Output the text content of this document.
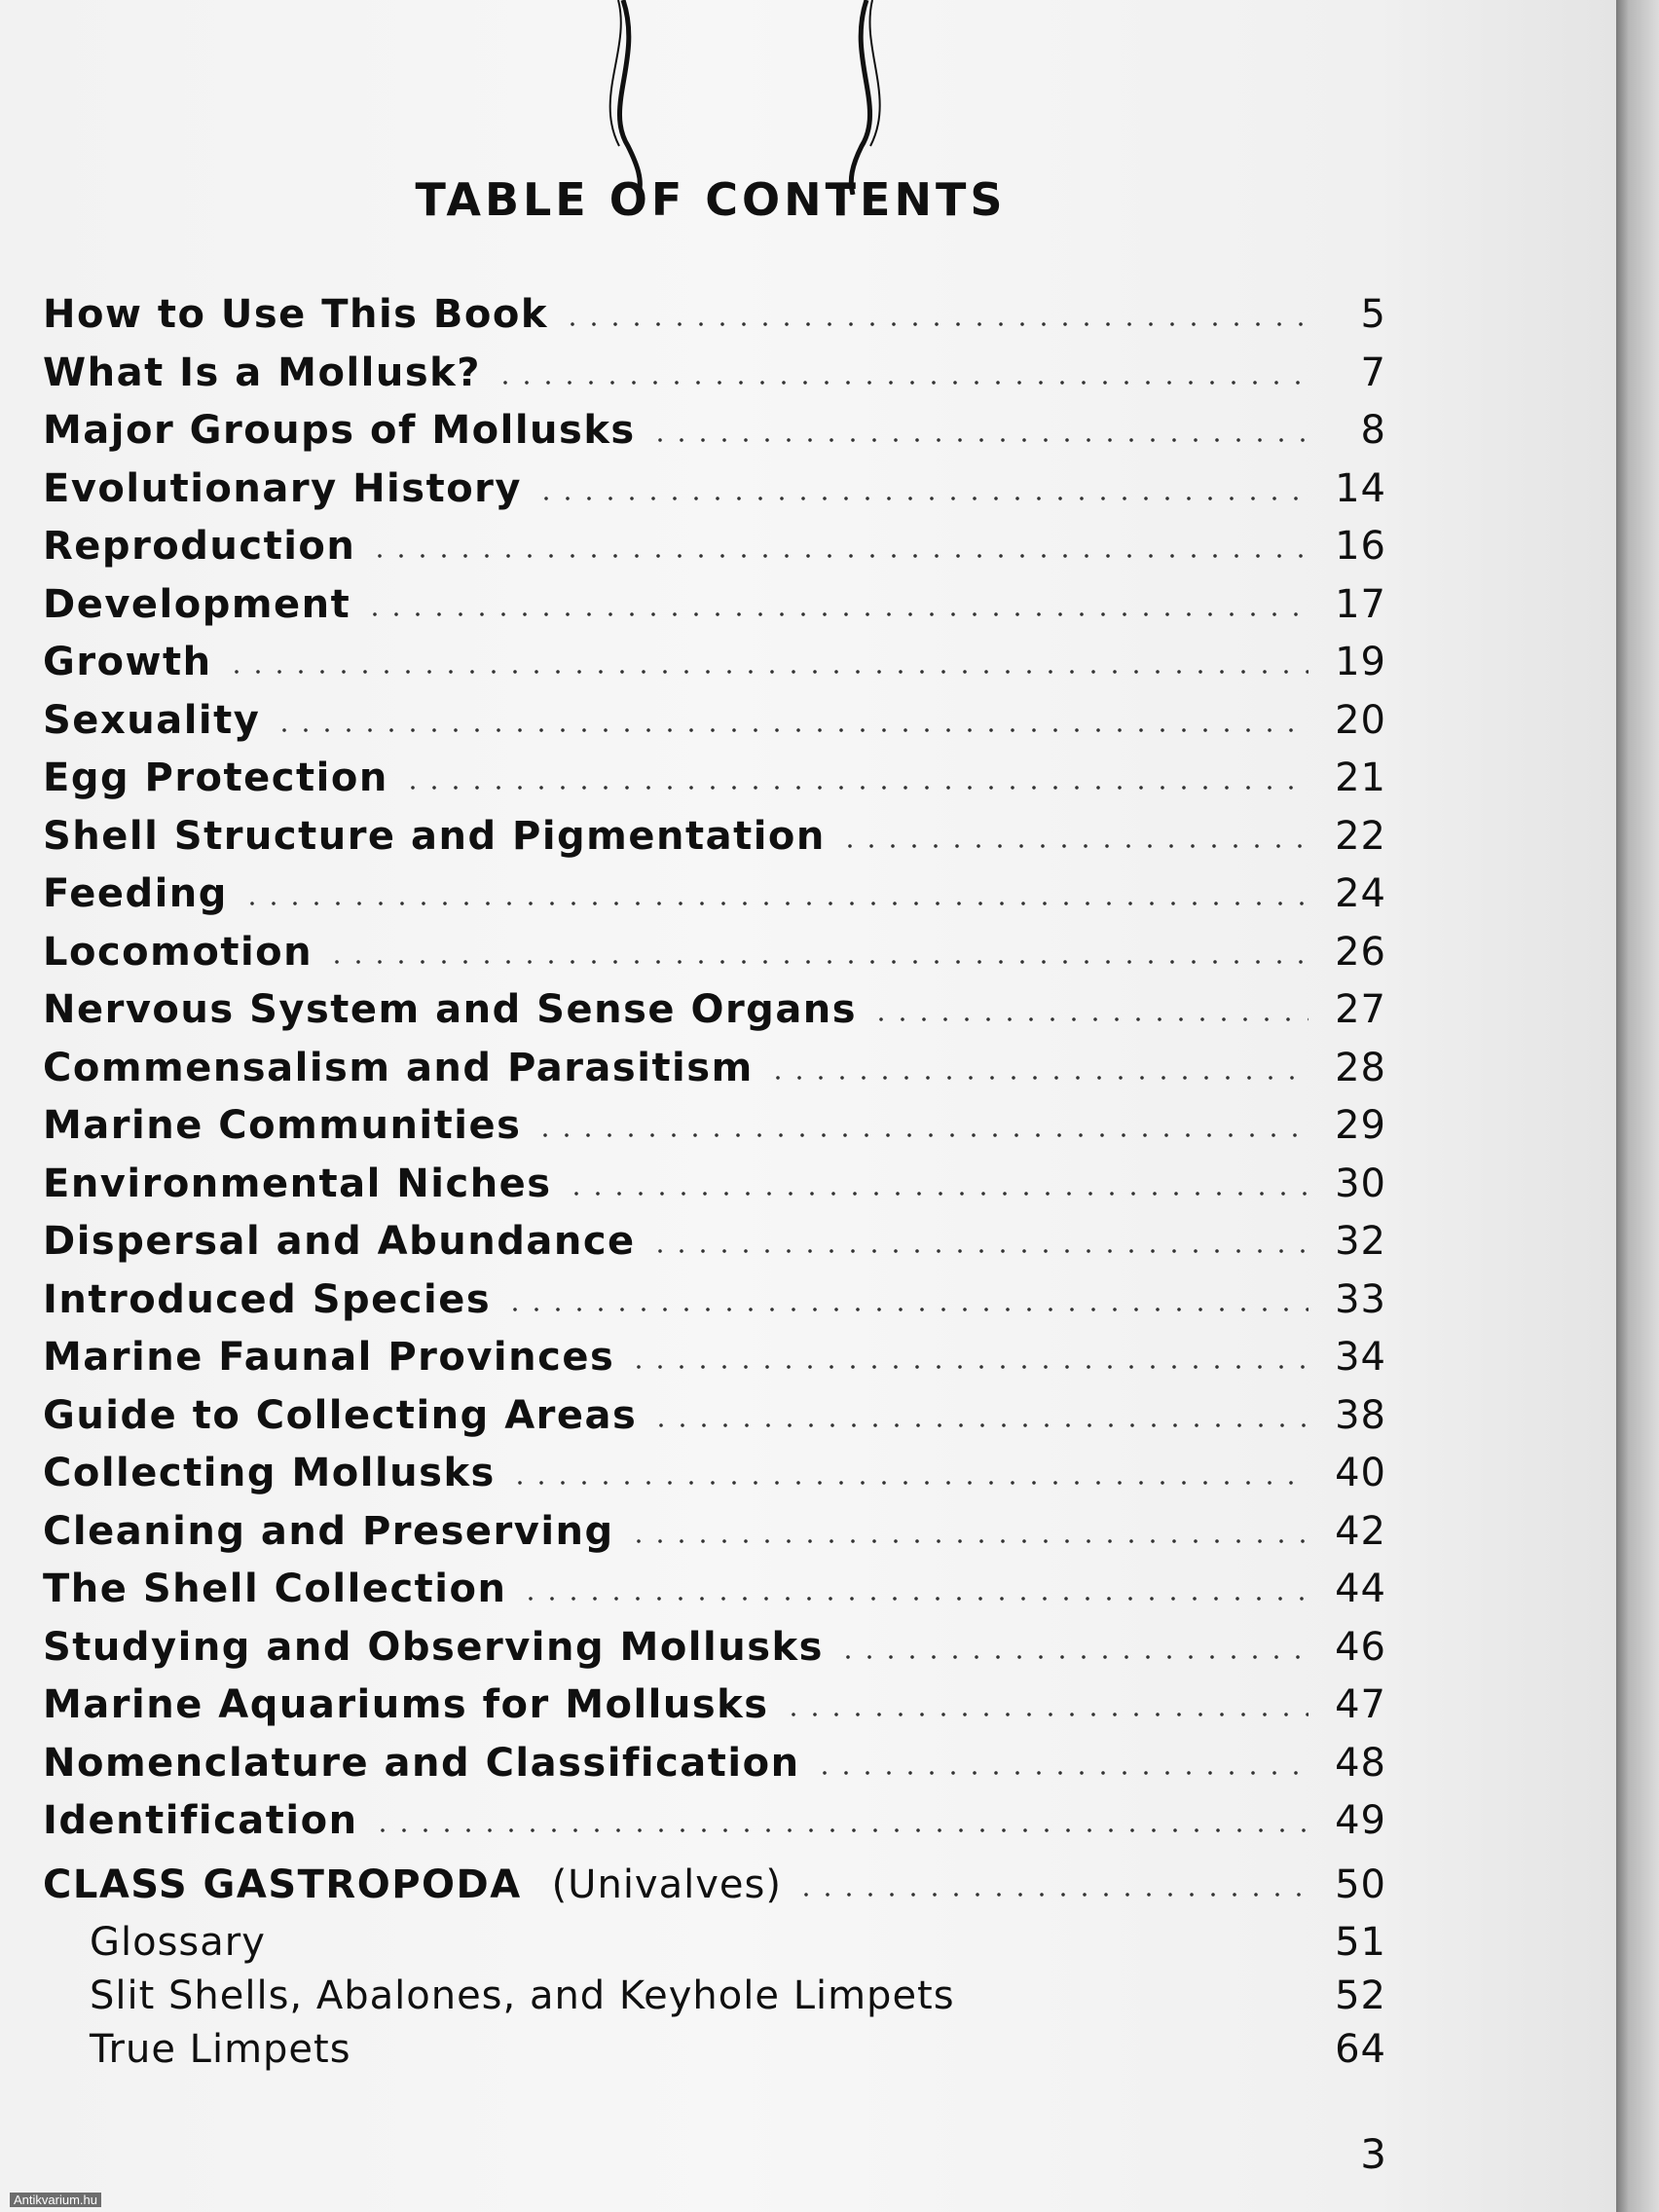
TABLE OF CONTENTS
How to Use This Book	5
What Is a Mollusk?	7
Major Groups of Mollusks	8
Evolutionary History	14
Reproduction	16
Development	17
Growth	19
Sexuality	20
Egg Protection	21
Shell Structure and Pigmentation	22
Feeding	24
Locomotion	26
Nervous System and Sense Organs	27
Commensalism and Parasitism	28
Marine Communities	29
Environmental Niches	30
Dispersal and Abundance	32
Introduced Species	33
Marine Faunal Provinces	34
Guide to Collecting Areas	38
Collecting Mollusks	40
Cleaning and Preserving	42
The Shell Collection	44
Studying and Observing Mollusks	46
Marine Aquariums for Mollusks	47
Nomenclature and Classification	48
Identification	49
CLASS GASTROPODA (Univalves)	50
Glossary	51
Slit Shells, Abalones, and Keyhole Limpets	52
True Limpets	64

3

Antikvarium.hu
